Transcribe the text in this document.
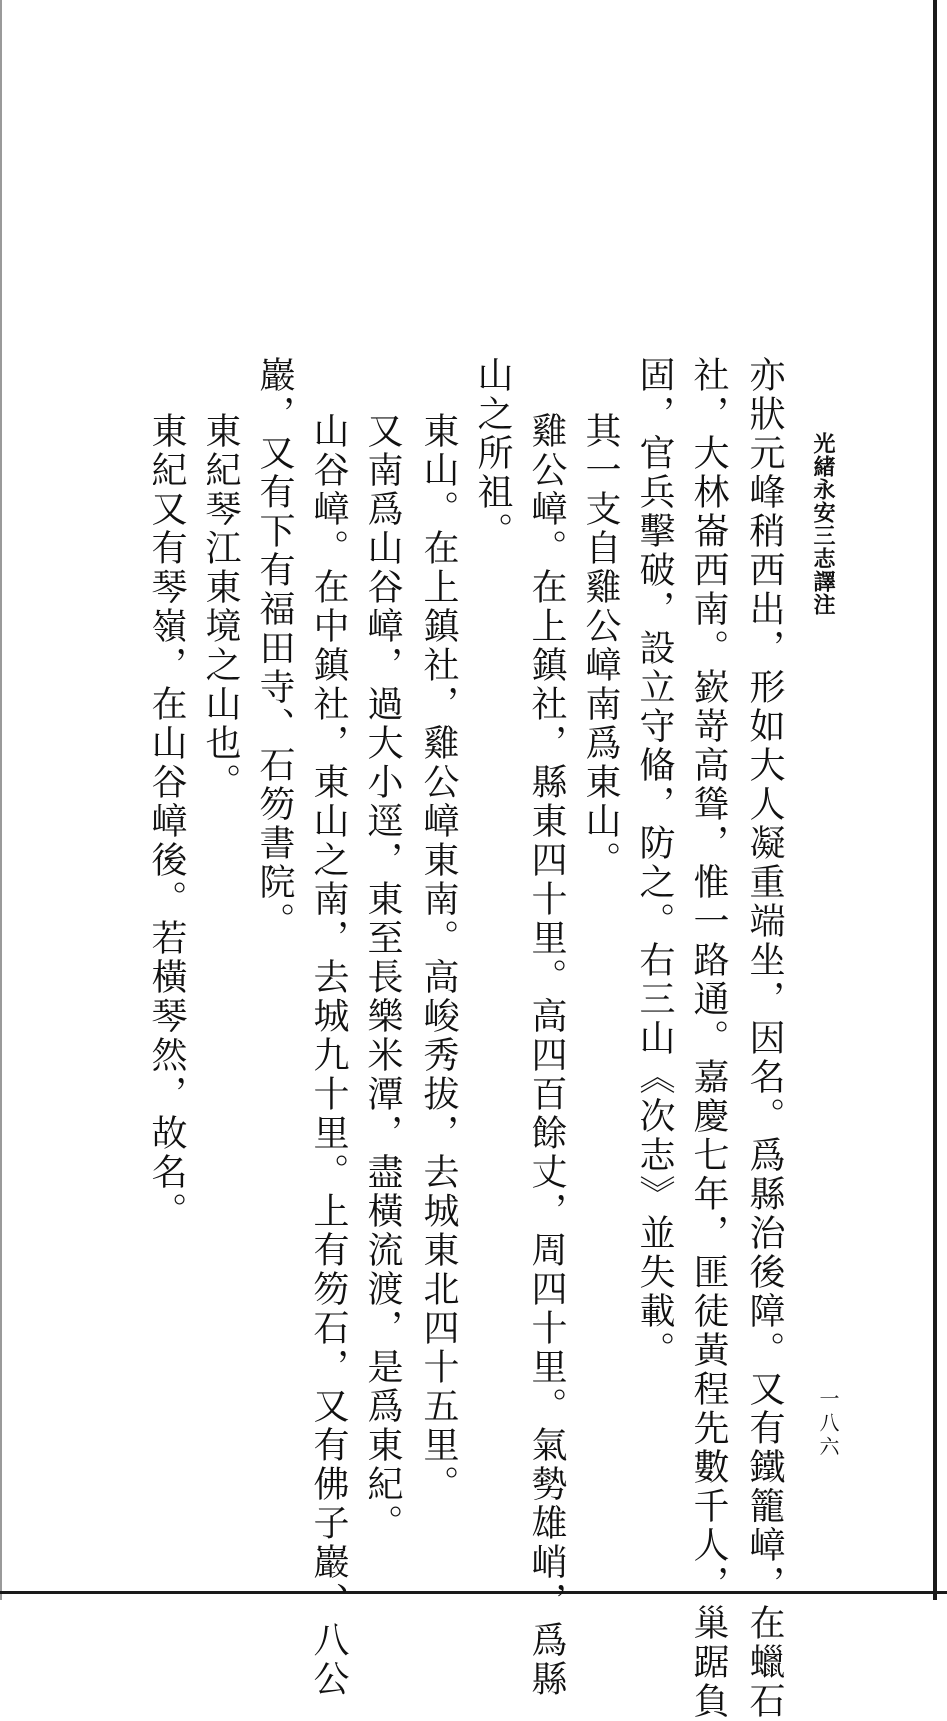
光緒永安三志譯注
一八六
亦狀元峰稍西出，形如大人凝重端坐，因名。爲縣治後障。又有鐵籠嶂，在蠟石
社，大林崙西南。嶔嵜高聳，惟一路通。嘉慶七年，匪徒黃程先數千人，巢踞負
固，官兵擊破，設立守偹，防之。右三山《次志》並失載。
其一支自雞公嶂南爲東山。
雞公嶂。在上鎮社，縣東四十里。高四百餘丈，周四十里。氣勢雄峭，爲縣
山之所祖。
東山。在上鎮社，雞公嶂東南。高峻秀拔，去城東北四十五里。
又南爲山谷嶂，過大小逕，東至長樂米潭，盡橫流渡，是爲東紀。
山谷嶂。在中鎮社，東山之南，去城九十里。上有笏石，又有佛子巖、八公
巖，又有下有福田寺、石笏書院。
東紀琴江東境之山也。
東紀又有琴嶺，在山谷嶂後。若橫琴然，故名。
